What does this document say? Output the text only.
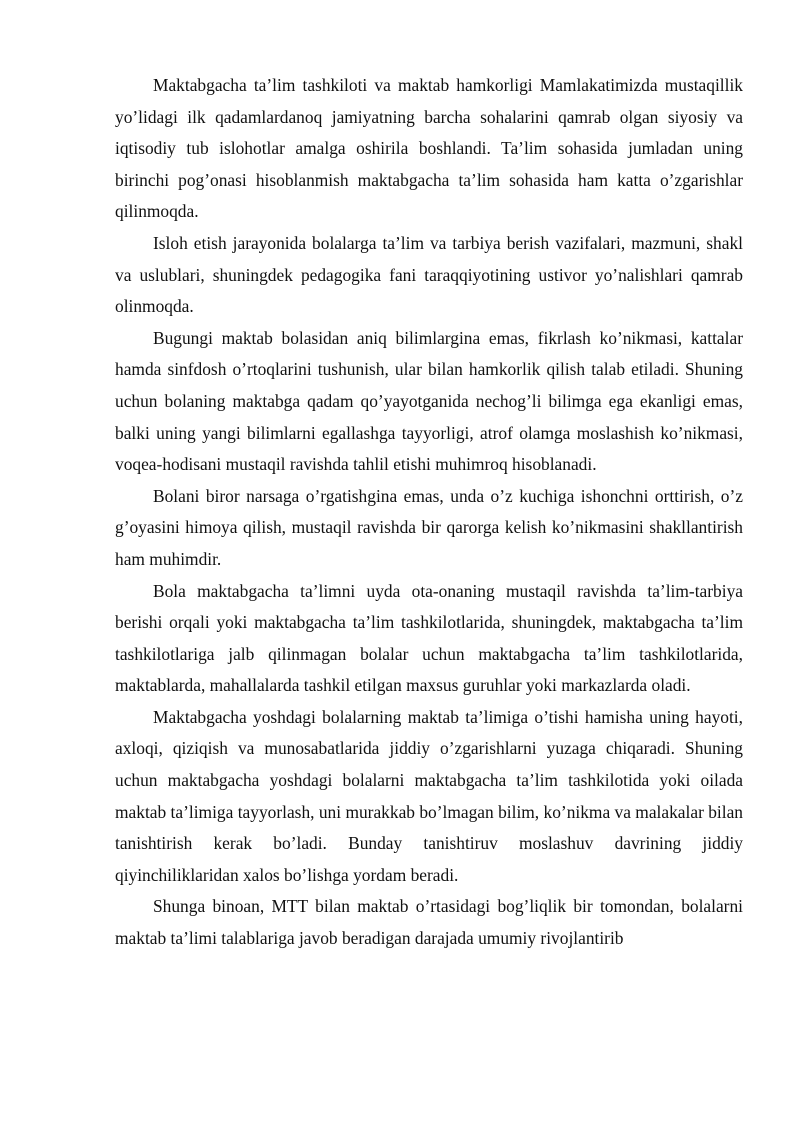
Maktabgacha ta’lim tashkiloti va maktab hamkorligi Mamlakatimizda mustaqillik yo’lidagi ilk qadamlardanoq jamiyatning barcha sohalarini qamrab olgan siyosiy va iqtisodiy tub islohotlar amalga oshirila boshlandi. Ta’lim sohasida jumladan uning birinchi pog’onasi hisoblanmish maktabgacha ta’lim sohasida ham katta o’zgarishlar qilinmoqda.

Isloh etish jarayonida bolalarga ta’lim va tarbiya berish vazifalari, mazmuni, shakl va uslublari, shuningdek pedagogika fani taraqqiyotining ustivor yo’nalishlari qamrab olinmoqda.

Bugungi maktab bolasidan aniq bilimlargina emas, fikrlash ko’nikmasi, kattalar hamda sinfdosh o’rtoqlarini tushunish, ular bilan hamkorlik qilish talab etiladi. Shuning uchun bolaning maktabga qadam qo’yayotganida nechog’li bilimga ega ekanligi emas, balki uning yangi bilimlarni egallashga tayyorligi, atrof olamga moslashish ko’nikmasi, voqea-hodisani mustaqil ravishda tahlil etishi muhimroq hisoblanadi.

Bolani biror narsaga o’rgatishgina emas, unda o’z kuchiga ishonchni orttirish, o’z g’oyasini himoya qilish, mustaqil ravishda bir qarorga kelish ko’nikmasini shakllantirish ham muhimdir.

Bola maktabgacha ta’limni uyda ota-onaning mustaqil ravishda ta’lim-tarbiya berishi orqali yoki maktabgacha ta’lim tashkilotlarida, shuningdek, maktabgacha ta’lim tashkilotlariga jalb qilinmagan bolalar uchun maktabgacha ta’lim tashkilotlarida, maktablarda, mahallalarda tashkil etilgan maxsus guruhlar yoki markazlarda oladi.

Maktabgacha yoshdagi bolalarning maktab ta’limiga o’tishi hamisha uning hayoti, axloqi, qiziqish va munosabatlarida jiddiy o’zgarishlarni yuzaga chiqaradi. Shuning uchun maktabgacha yoshdagi bolalarni maktabgacha ta’lim tashkilotida yoki oilada maktab ta’limiga tayyorlash, uni murakkab bo’lmagan bilim, ko’nikma va malakalar bilan tanishtirish kerak bo’ladi. Bunday tanishtiruv moslashuv davrining jiddiy qiyinchiliklaridan xalos bo’lishga yordam beradi.

Shunga binoan, MTT bilan maktab o’rtasidagi bog’liqlik bir tomondan, bolalarni maktab ta’limi talablariga javob beradigan darajada umumiy rivojlantirib
